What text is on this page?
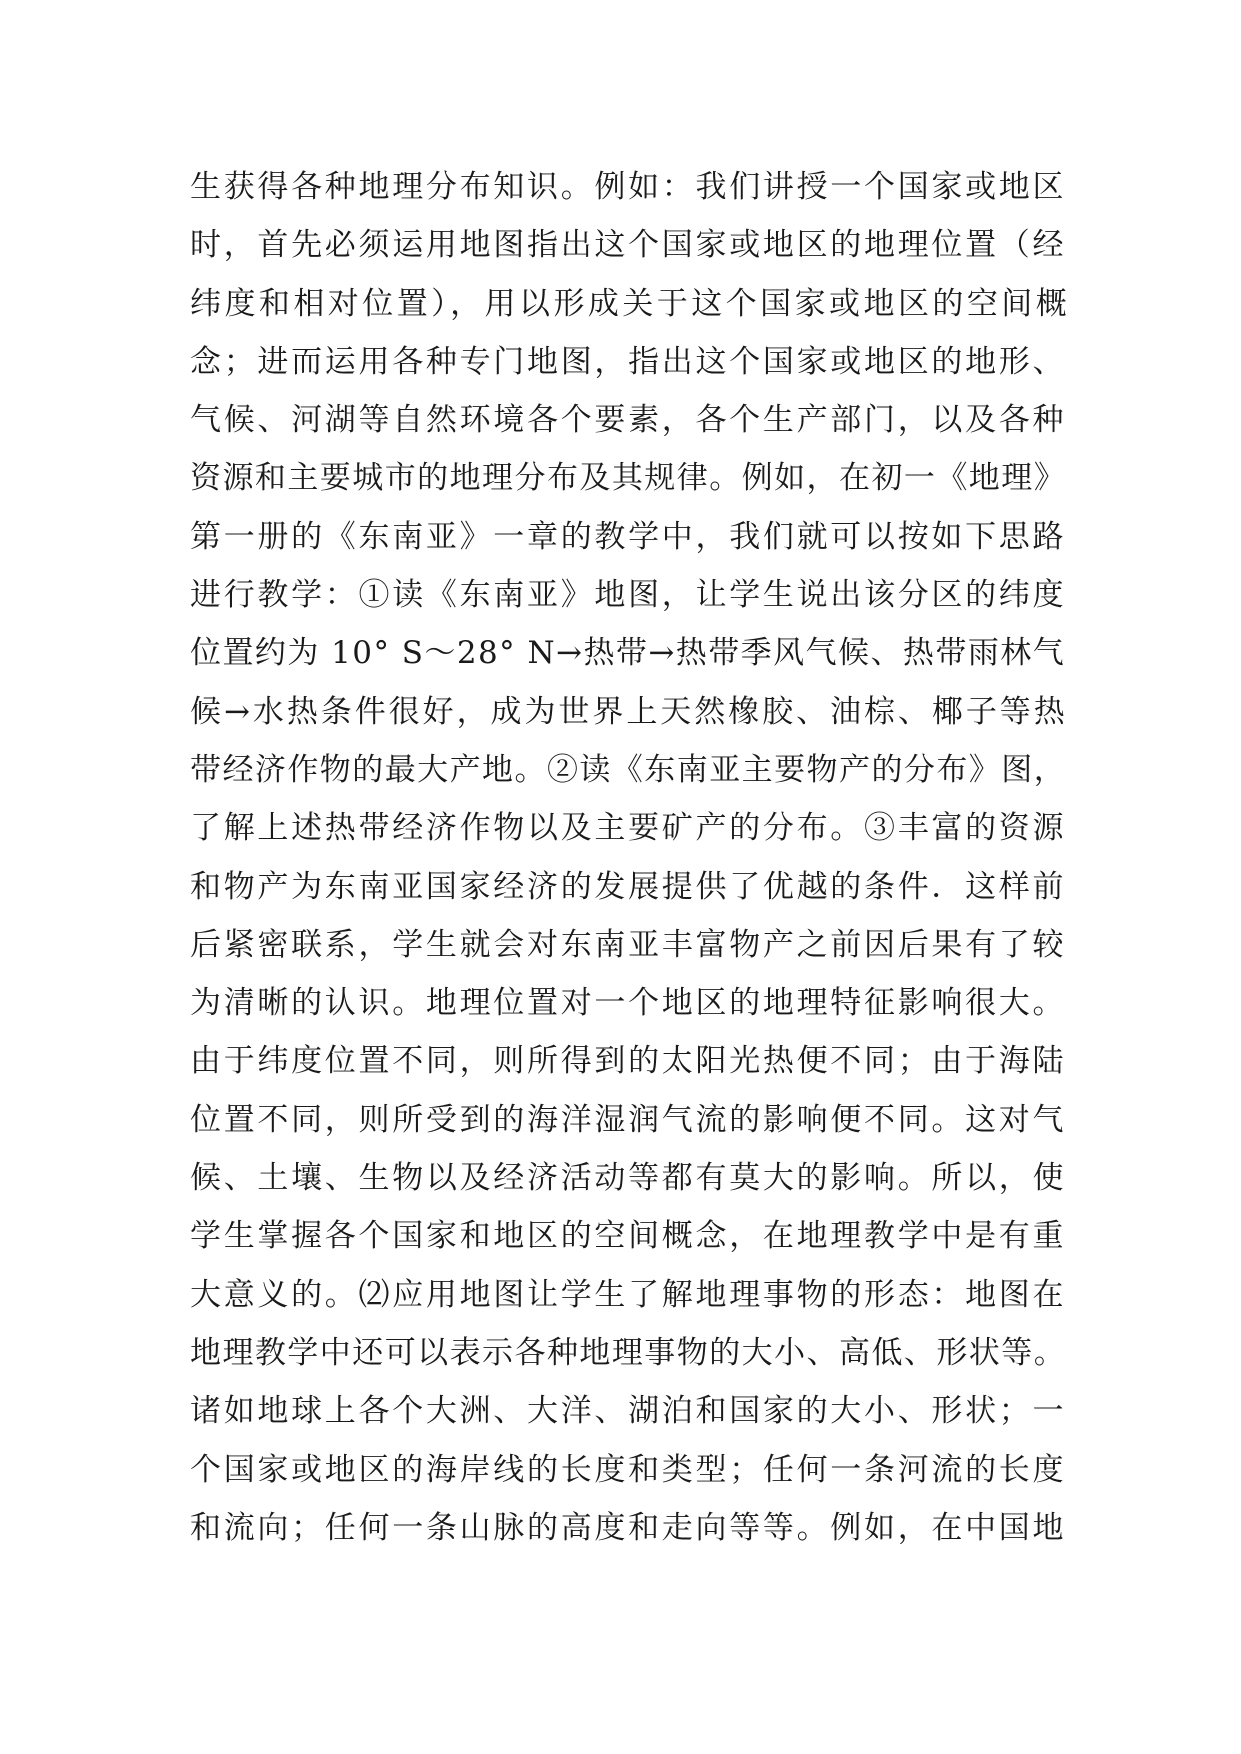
生获得各种地理分布知识。例如：我们讲授一个国家或地区
时，首先必须运用地图指出这个国家或地区的地理位置（经
纬度和相对位置），用以形成关于这个国家或地区的空间概
念；进而运用各种专门地图，指出这个国家或地区的地形、
气候、河湖等自然环境各个要素，各个生产部门，以及各种
资源和主要城市的地理分布及其规律。例如，在初一《地理》
第一册的《东南亚》一章的教学中，我们就可以按如下思路
进行教学：①读《东南亚》地图，让学生说出该分区的纬度
位置约为 10° S～28° N→热带→热带季风气候、热带雨林气
候→水热条件很好，成为世界上天然橡胶、油棕、椰子等热
带经济作物的最大产地。②读《东南亚主要物产的分布》图，
了解上述热带经济作物以及主要矿产的分布。③丰富的资源
和物产为东南亚国家经济的发展提供了优越的条件．这样前
后紧密联系，学生就会对东南亚丰富物产之前因后果有了较
为清晰的认识。地理位置对一个地区的地理特征影响很大。
由于纬度位置不同，则所得到的太阳光热便不同；由于海陆
位置不同，则所受到的海洋湿润气流的影响便不同。这对气
候、土壤、生物以及经济活动等都有莫大的影响。所以，使
学生掌握各个国家和地区的空间概念，在地理教学中是有重
大意义的。⑵应用地图让学生了解地理事物的形态：地图在
地理教学中还可以表示各种地理事物的大小、高低、形状等。
诸如地球上各个大洲、大洋、湖泊和国家的大小、形状；一
个国家或地区的海岸线的长度和类型；任何一条河流的长度
和流向；任何一条山脉的高度和走向等等。例如，在中国地
